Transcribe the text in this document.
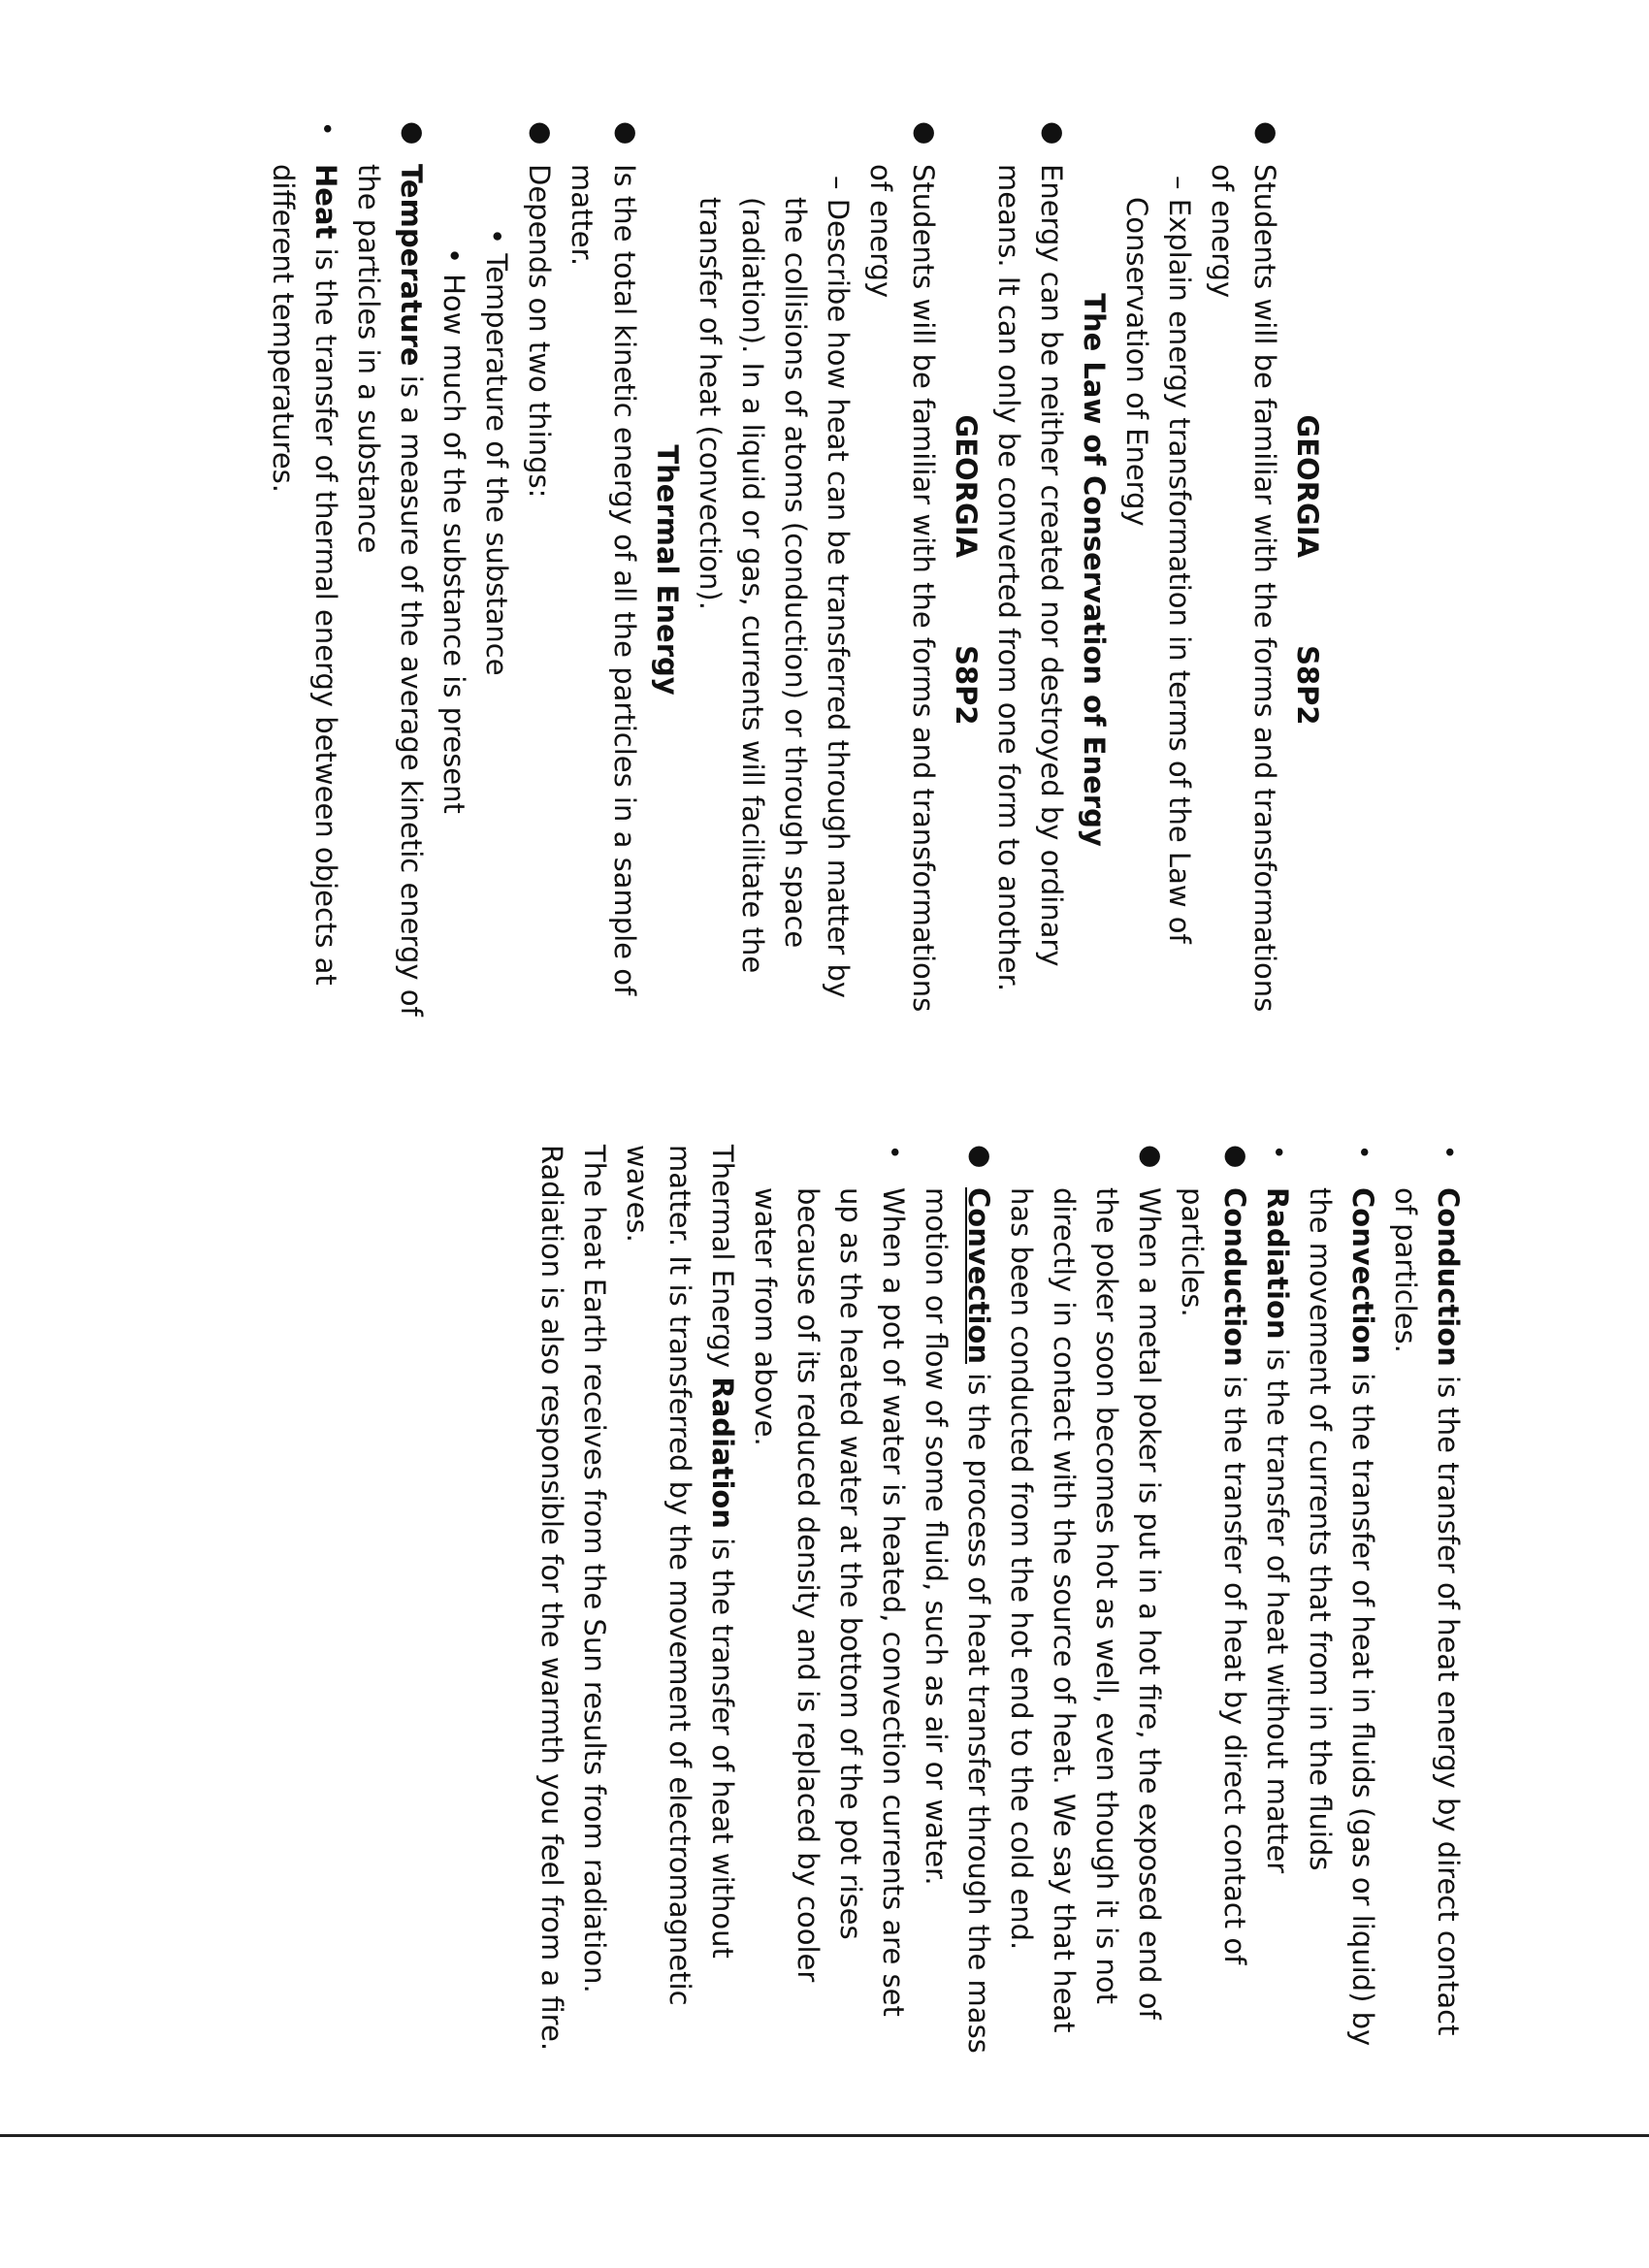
GEORGIAS8P2

● Students will be familiar with the forms and transformations of energy

– Explain energy transformation in terms of the Law of Conservation of Energy

The Law of Conservation of Energy

● Energy can be neither created nor destroyed by ordinary means. It can only be converted from one form to another.

GEORGIAS8P2

● Students will be familiar with the forms and transformations of energy

– Describe how heat can be transferred through matter by the collisions of atoms (conduction) or through space (radiation). In a liquid or gas, currents will facilitate the transfer of heat (convection).

Thermal Energy

● Is the total kinetic energy of all the particles in a sample of matter.

● Depends on two things:

• Temperature of the substance

•How much of the substance is present

● Temperature is a measure of the average kinetic energy of the particles in a substance

• Heat is the transfer of thermal energy between objects at different temperatures.

• Conduction is the transfer of heat energy by direct contact of particles.

• Convection is the transfer of heat in fluids (gas or liquid) by the movement of currents that from in the fluids

• Radiation is the transfer of heat without matter

● Conduction is the transfer of heat by direct contact of particles.

● When a metal poker is put in a hot fire, the exposed end of the poker soon becomes hot as well, even though it is not directly in contact with the source of heat. We say that heat has been conducted from the hot end to the cold end.

● Convection is the process of heat transfer through the mass motion or flow of some fluid, such as air or water.

• When a pot of water is heated, convection currents are set up as the heated water at the bottom of the pot rises because of its reduced density and is replaced by cooler water from above.

Thermal Energy Radiation is the transfer of heat without matter. It is transferred by the movement of electromagnetic waves.

The heat Earth receives from the Sun results from radiation. Radiation is also responsible for the warmth you feel from a fire.
